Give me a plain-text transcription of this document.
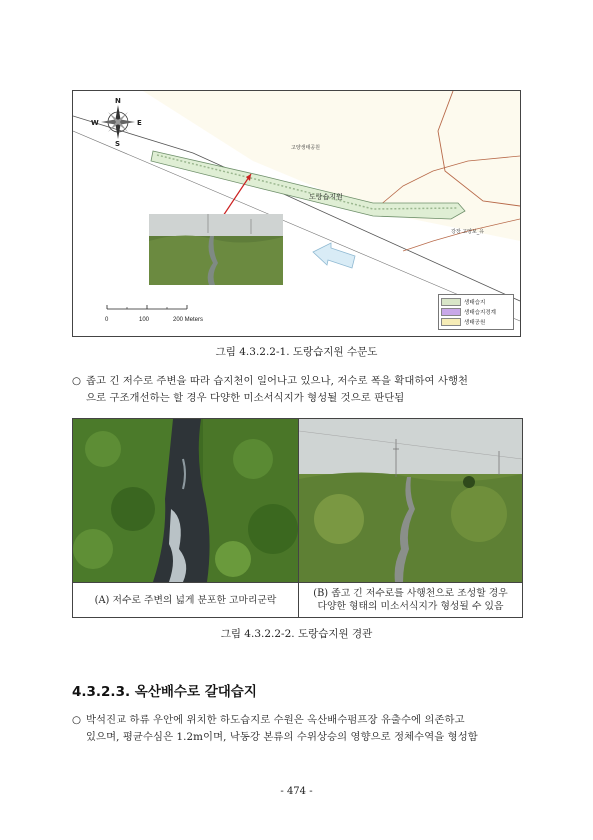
N
S
E
W
고양생태공원
도랑습지원
강장 고양보_유
0	100	200 Meters
생태습지
생태습지경계
생태공원
그림 4.3.2.2-1. 도랑습지원 수문도
○ 좁고 긴 저수로 주변을 따라 습지천이 일어나고 있으나, 저수로 폭을 확대하여 사행천
으로 구조개선하는 할 경우 다양한 미소서식지가 형성될 것으로 판단됨
(A) 저수로 주변의 넓게 분포한 고마리군락
(B) 좁고 긴 저수로를 사행천으로 조성할 경우
다양한 형태의 미소서식지가 형성될 수 있음
그림 4.3.2.2-2. 도랑습지원 경관
4.3.2.3. 옥산배수로 갈대습지
○ 박석진교 하류 우안에 위치한 하도습지로 수원은 옥산배수펌프장 유출수에 의존하고
있으며, 평균수심은 1.2m이며, 낙동강 본류의 수위상승의 영향으로 정체수역을 형성함
- 474 -
